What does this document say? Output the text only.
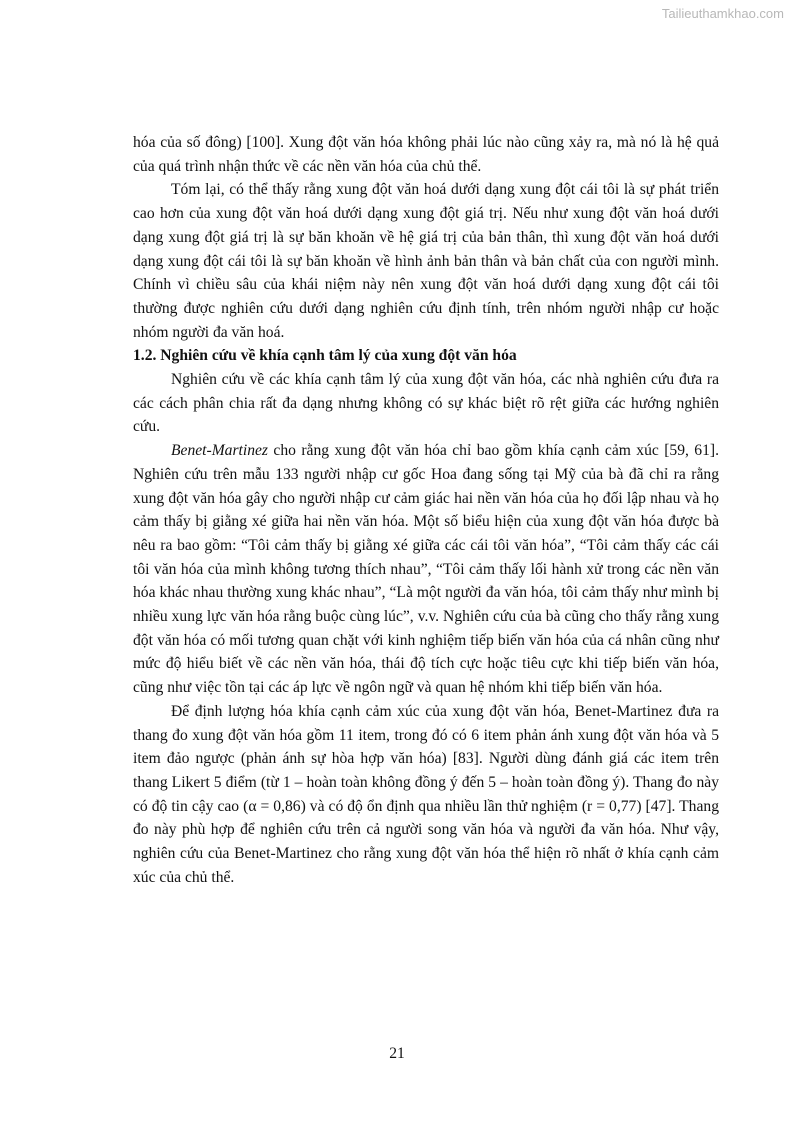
Tailieuthamkhao.com

hóa của số đông) [100]. Xung đột văn hóa không phải lúc nào cũng xảy ra, mà nó là hệ quả của quá trình nhận thức về các nền văn hóa của chủ thể.

Tóm lại, có thể thấy rằng xung đột văn hoá dưới dạng xung đột cái tôi là sự phát triển cao hơn của xung đột văn hoá dưới dạng xung đột giá trị. Nếu như xung đột văn hoá dưới dạng xung đột giá trị là sự băn khoăn về hệ giá trị của bản thân, thì xung đột văn hoá dưới dạng xung đột cái tôi là sự băn khoăn về hình ảnh bản thân và bản chất của con người mình. Chính vì chiều sâu của khái niệm này nên xung đột văn hoá dưới dạng xung đột cái tôi thường được nghiên cứu dưới dạng nghiên cứu định tính, trên nhóm người nhập cư hoặc nhóm người đa văn hoá.

1.2. Nghiên cứu về khía cạnh tâm lý của xung đột văn hóa

Nghiên cứu về các khía cạnh tâm lý của xung đột văn hóa, các nhà nghiên cứu đưa ra các cách phân chia rất đa dạng nhưng không có sự khác biệt rõ rệt giữa các hướng nghiên cứu.

Benet-Martinez cho rằng xung đột văn hóa chỉ bao gồm khía cạnh cảm xúc [59, 61]. Nghiên cứu trên mẫu 133 người nhập cư gốc Hoa đang sống tại Mỹ của bà đã chỉ ra rằng xung đột văn hóa gây cho người nhập cư cảm giác hai nền văn hóa của họ đối lập nhau và họ cảm thấy bị giằng xé giữa hai nền văn hóa. Một số biểu hiện của xung đột văn hóa được bà nêu ra bao gồm: “Tôi cảm thấy bị giằng xé giữa các cái tôi văn hóa”, “Tôi cảm thấy các cái tôi văn hóa của mình không tương thích nhau”, “Tôi cảm thấy lối hành xử trong các nền văn hóa khác nhau thường xung khác nhau”, “Là một người đa văn hóa, tôi cảm thấy như mình bị nhiều xung lực văn hóa rằng buộc cùng lúc”, v.v. Nghiên cứu của bà cũng cho thấy rằng xung đột văn hóa có mối tương quan chặt với kinh nghiệm tiếp biến văn hóa của cá nhân cũng như mức độ hiểu biết về các nền văn hóa, thái độ tích cực hoặc tiêu cực khi tiếp biến văn hóa, cũng như việc tồn tại các áp lực về ngôn ngữ và quan hệ nhóm khi tiếp biến văn hóa.

Để định lượng hóa khía cạnh cảm xúc của xung đột văn hóa, Benet-Martinez đưa ra thang đo xung đột văn hóa gồm 11 item, trong đó có 6 item phản ánh xung đột văn hóa và 5 item đảo ngược (phản ánh sự hòa hợp văn hóa) [83]. Người dùng đánh giá các item trên thang Likert 5 điểm (từ 1 – hoàn toàn không đồng ý đến 5 – hoàn toàn đồng ý). Thang đo này có độ tin cậy cao (α = 0,86) và có độ ổn định qua nhiều lần thử nghiệm (r = 0,77) [47]. Thang đo này phù hợp để nghiên cứu trên cả người song văn hóa và người đa văn hóa. Như vậy, nghiên cứu của Benet-Martinez cho rằng xung đột văn hóa thể hiện rõ nhất ở khía cạnh cảm xúc của chủ thể.

21
